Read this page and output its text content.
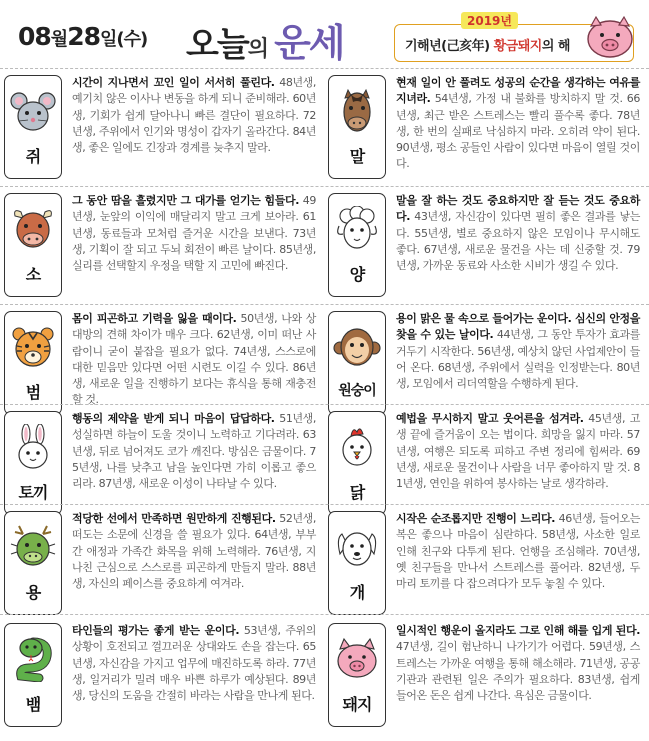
08월28일(수) 오늘의 운세	2019년
기해년(己亥年) 황금돼지의 해
쥐
시간이 지나면서 꼬인 일이 서서히 풀린다. 48년생, 예기치 않은 이사나 변동을 하게 되니 준비해라. 60년생, 기회가 쉽게 달아나니 빠른 결단이 필요하다. 72년생, 주위에서 인기와 명성이 갑자기 올라간다. 84년생, 좋은 일에도 긴장과 경계를 늦추지 말라.	말
현재 일이 안 풀려도 성공의 순간을 생각하는 여유를 지녀라. 54년생, 가정 내 불화를 방치하지 말 것. 66년생, 최근 받은 스트레스는 빨리 풀수록 좋다. 78년생, 한 번의 실패로 낙심하지 마라. 오히려 약이 된다. 90년생, 평소 공들인 사람이 있다면 마음이 열릴 것이다.
소
그 동안 땀을 흘렸지만 그 대가를 얻기는 힘들다. 49년생, 눈앞의 이익에 매달리지 말고 크게 보아라. 61년생, 동료들과 모처럼 즐거운 시간을 보낸다. 73년생, 기획이 잘 되고 두뇌 회전이 빠른 날이다. 85년생, 실리를 선택할지 우정을 택할 지 고민에 빠진다.	양
말을 잘 하는 것도 중요하지만 잘 듣는 것도 중요하다. 43년생, 자신감이 있다면 필히 좋은 결과를 낳는다. 55년생, 별로 중요하지 않은 모임이나 무시해도 좋다. 67년생, 새로운 물건을 사는 데 신중할 것. 79년생, 가까운 동료와 사소한 시비가 생길 수 있다.
범
몸이 피곤하고 기력을 잃을 때이다. 50년생, 나와 상대방의 견해 차이가 매우 크다. 62년생, 이미 떠난 사람이니 굳이 붙잡을 필요가 없다. 74년생, 스스로에 대한 믿음만 있다면 어떤 시련도 이길 수 있다. 86년생, 새로운 일을 진행하기 보다는 휴식을 통해 재충전할 것.
원숭이
용이 맑은 물 속으로 들어가는 운이다. 심신의 안정을 찾을 수 있는 날이다. 44년생, 그 동안 투자가 효과를 거두기 시작한다. 56년생, 예상치 않던 사업제안이 들어 온다. 68년생, 주위에서 실력을 인정받는다. 80년생, 모임에서 리더역할을 수행하게 된다.
토끼
행동의 제약을 받게 되니 마음이 답답하다. 51년생, 성실하면 하늘이 도울 것이니 노력하고 기다려라. 63년생, 뒤로 넘어져도 코가 깨진다. 방심은 금물이다. 75년생, 나를 낮추고 남을 높인다면 가히 이롭고 좋으리라. 87년생, 새로운 이성이 나타날 수 있다.	닭
예법을 무시하지 말고 웃어른을 섬겨라. 45년생, 고생 끝에 즐거움이 오는 법이다. 희망을 잃지 마라. 57년생, 여행은 되도록 피하고 주변 정리에 힘써라. 69년생, 새로운 물건이나 사람을 너무 좋아하지 말 것. 81년생, 연인을 위하여 봉사하는 날로 생각하라.
용
적당한 선에서 만족하면 원만하게 진행된다. 52년생, 떠도는 소문에 신경을 쓸 필요가 있다. 64년생, 부부간 애정과 가족간 화목을 위해 노력해라. 76년생, 지나친 근심으로 스스로를 피곤하게 만들지 말라. 88년생, 자신의 페이스를 중요하게 여겨라.	개
시작은 순조롭지만 진행이 느리다. 46년생, 들어오는 복은 좋으나 마음이 심란하다. 58년생, 사소한 일로 인해 친구와 다투게 된다. 언행을 조심해라. 70년생, 옛 친구들을 만나서 스트레스를 풀어라. 82년생, 두 마리 토끼를 다 잡으려다가 모두 놓칠 수 있다.
뱀
타인들의 평가는 좋게 받는 운이다. 53년생, 주위의 상황이 호전되고 껄끄러운 상대와도 손을 잡는다. 65년생, 자신감을 가지고 업무에 매진하도록 하라. 77년생, 일거리가 밀려 매우 바쁜 하루가 예상된다. 89년생, 당신의 도움을 간절히 바라는 사람을 만나게 된다.	돼지
일시적인 행운이 올지라도 그로 인해 해를 입게 된다. 47년생, 길이 험난하니 나가기가 어렵다. 59년생, 스트레스는 가까운 여행을 통해 해소해라. 71년생, 공공 기관과 관련된 일은 주의가 필요하다. 83년생, 쉽게 들어온 돈은 쉽게 나간다. 욕심은 금물이다.
